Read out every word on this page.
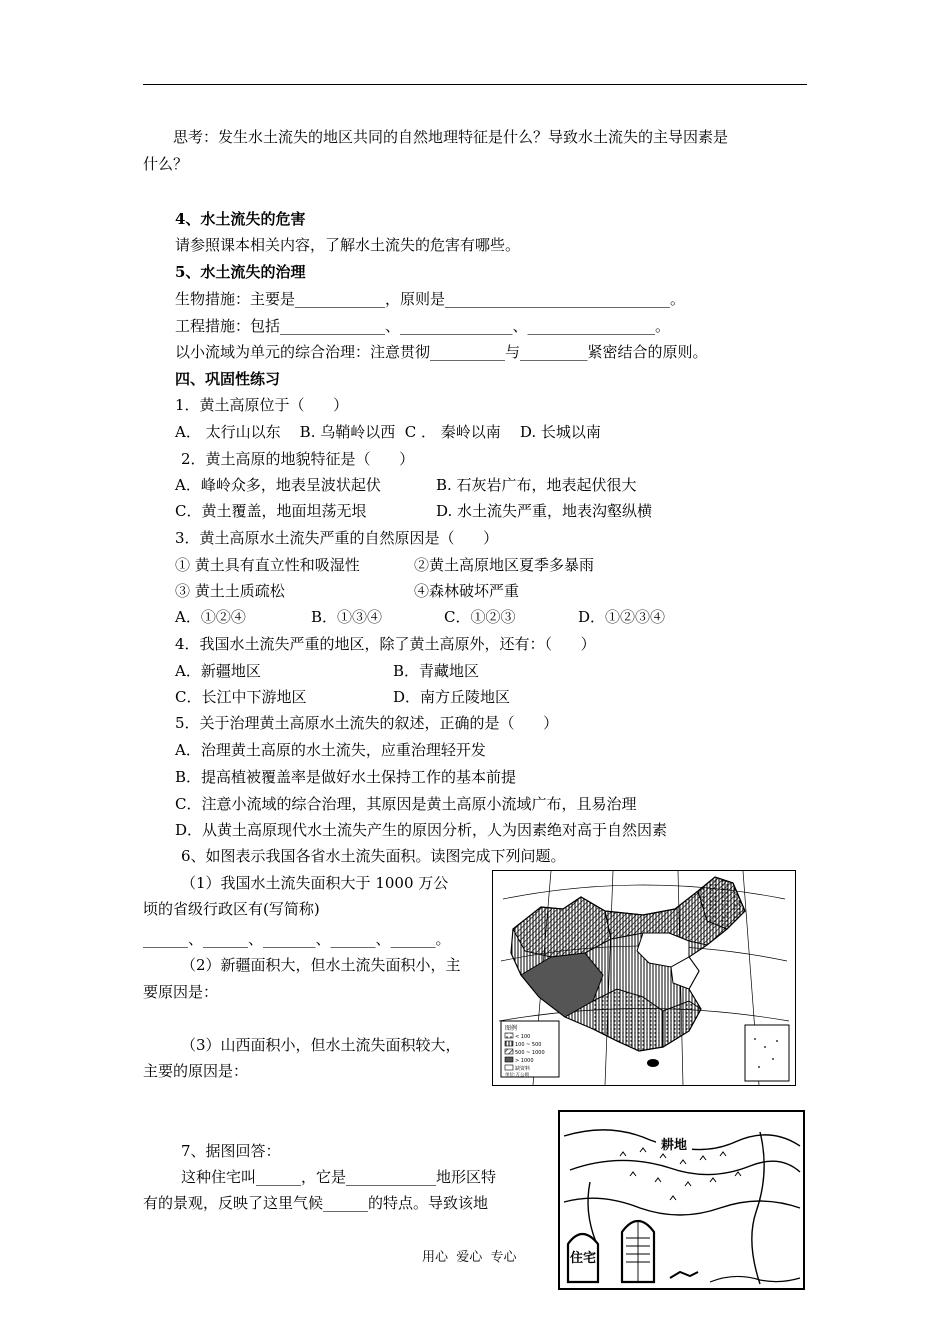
思考：发生水土流失的地区共同的自然地理特征是什么？导致水土流失的主导因素是
什么？
4、水土流失的危害
请参照课本相关内容，了解水土流失的危害有哪些。
5、水土流失的治理
生物措施：主要是____________，原则是______________________________。
工程措施：包括______________、_______________、_________________。
以小流域为单元的综合治理：注意贯彻__________与_________紧密结合的原则。
四、巩固性练习
1．黄土高原位于（      ）
A． 太行山以东    B. 乌鞘岭以西  C ． 秦岭以南    D. 长城以南
2．黄土高原的地貌特征是（      ）
A．峰岭众多，地表呈波状起伏	B. 石灰岩广布，地表起伏很大
C．黄土覆盖，地面坦荡无垠	D. 水土流失严重，地表沟壑纵横
3．黄土高原水土流失严重的自然原因是（      ）
① 黄土具有直立性和吸湿性	②黄土高原地区夏季多暴雨
③ 黄土土质疏松	④森林破坏严重
A．①②④	B．①③④	C．①②③	D．①②③④
4．我国水土流失严重的地区，除了黄土高原外，还有：（      ）
A．新疆地区	B．青藏地区
C．长江中下游地区	D．南方丘陵地区
5．关于治理黄土高原水土流失的叙述，正确的是（      ）
A．治理黄土高原的水土流失，应重治理轻开发
B．提高植被覆盖率是做好水土保持工作的基本前提
C．注意小流域的综合治理，其原因是黄土高原小流域广布，且易治理
D．从黄土高原现代水土流失产生的原因分析，人为因素绝对高于自然因素
6、如图表示我国各省水土流失面积。读图完成下列问题。
（1）我国水土流失面积大于 1000 万公
顷的省级行政区有(写简称)
______、______、_______、______、______。
（2）新疆面积大，但水土流失面积小，主
要原因是：
（3）山西面积小，但水土流失面积较大，
主要的原因是：
7、据图回答：
这种住宅叫______，它是____________地形区特
有的景观，反映了这里气候______的特点。导致该地
图例
< 100
100 ~ 500
500 ~ 1000
> 1000
缺资料
单位:万公顷
耕地
住宅
用心  爱心  专心
